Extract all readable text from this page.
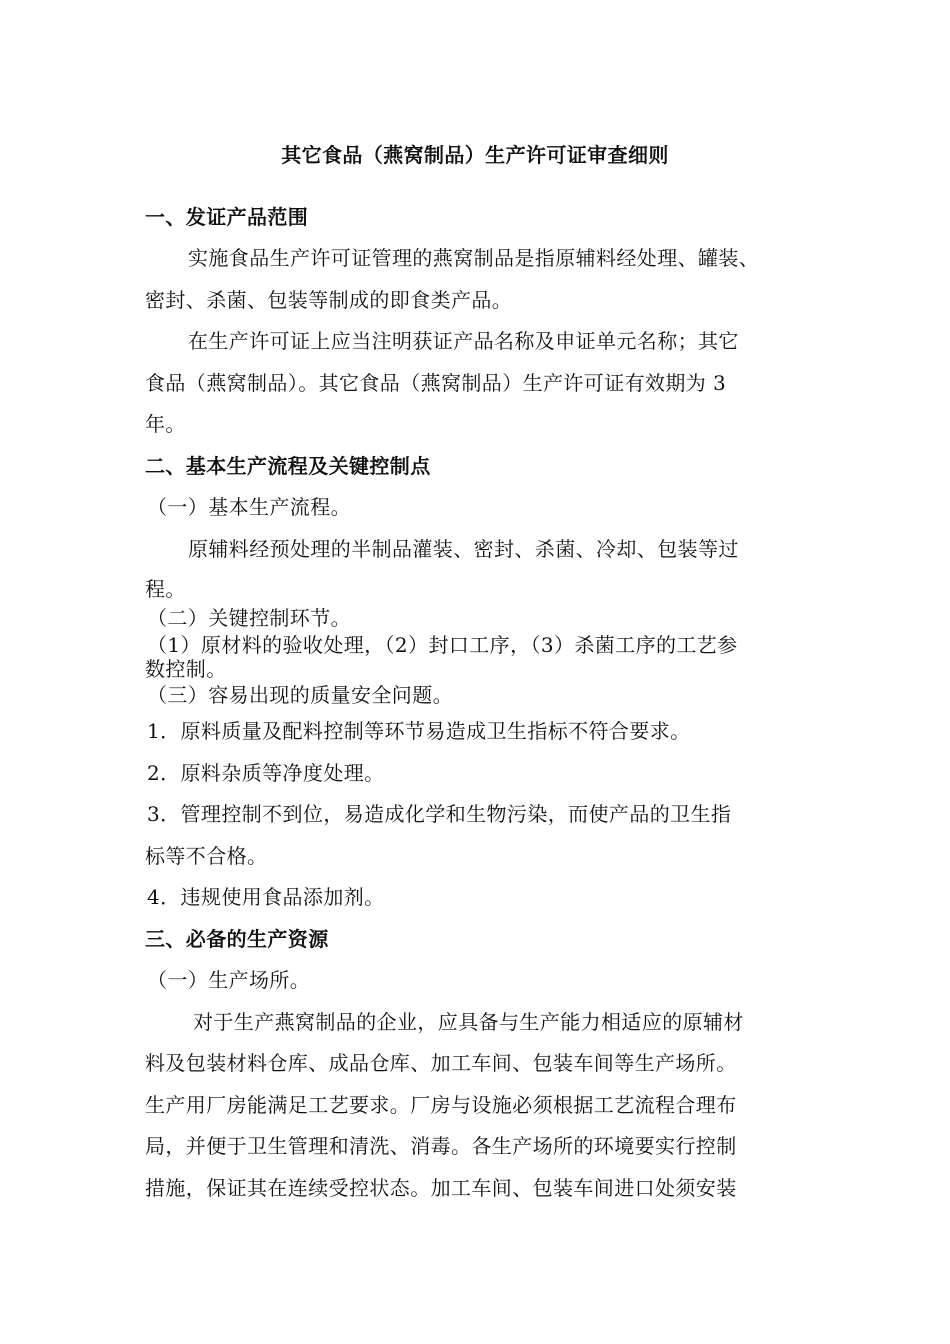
其它食品（燕窝制品）生产许可证审查细则
一、发证产品范围
实施食品生产许可证管理的燕窝制品是指原辅料经处理、罐装、
密封、杀菌、包装等制成的即食类产品。
在生产许可证上应当注明获证产品名称及申证单元名称；其它
食品（燕窝制品）。其它食品（燕窝制品）生产许可证有效期为 3
年。
二、基本生产流程及关键控制点
（一）基本生产流程。
原辅料经预处理的半制品灌装、密封、杀菌、冷却、包装等过
程。
（二）关键控制环节。
（1）原材料的验收处理，（2）封口工序，（3）杀菌工序的工艺参
数控制。
（三）容易出现的质量安全问题。
1．原料质量及配料控制等环节易造成卫生指标不符合要求。
2．原料杂质等净度处理。
3．管理控制不到位，易造成化学和生物污染，而使产品的卫生指
标等不合格。
4．违规使用食品添加剂。
三、必备的生产资源
（一）生产场所。
对于生产燕窝制品的企业，应具备与生产能力相适应的原辅材
料及包装材料仓库、成品仓库、加工车间、包装车间等生产场所。
生产用厂房能满足工艺要求。厂房与设施必须根据工艺流程合理布
局，并便于卫生管理和清洗、消毒。各生产场所的环境要实行控制
措施，保证其在连续受控状态。加工车间、包装车间进口处须安装
